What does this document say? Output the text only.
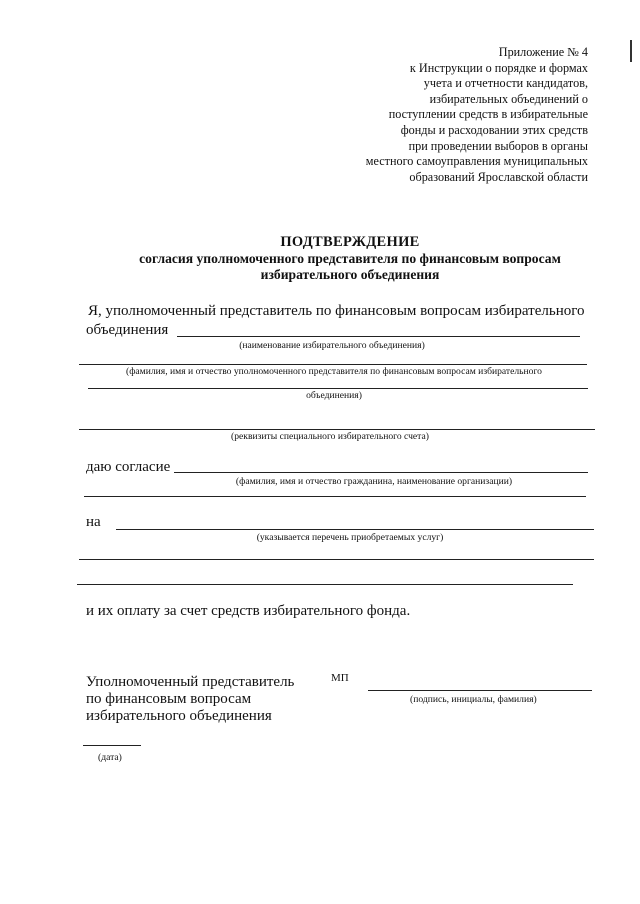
Приложение № 4
к Инструкции о порядке и формах
учета и отчетности кандидатов,
избирательных объединений о
поступлении средств в избирательные
фонды и расходовании этих средств
при проведении выборов в органы
местного самоуправления муниципальных
образований Ярославской области
ПОДТВЕРЖДЕНИЕ
согласия уполномоченного представителя по финансовым вопросам
избирательного объединения
Я, уполномоченный представитель по финансовым вопросам избирательного
объединения
(наименование избирательного объединения)
(фамилия, имя и отчество уполномоченного представителя по финансовым вопросам избирательного
объединения)
(реквизиты специального избирательного счета)
даю согласие
(фамилия, имя и отчество гражданина, наименование организации)
на
(указывается перечень приобретаемых услуг)
и их оплату за счет средств избирательного фонда.
Уполномоченный представитель
по финансовым вопросам
избирательного объединения
МП
(подпись, инициалы, фамилия)
(дата)
